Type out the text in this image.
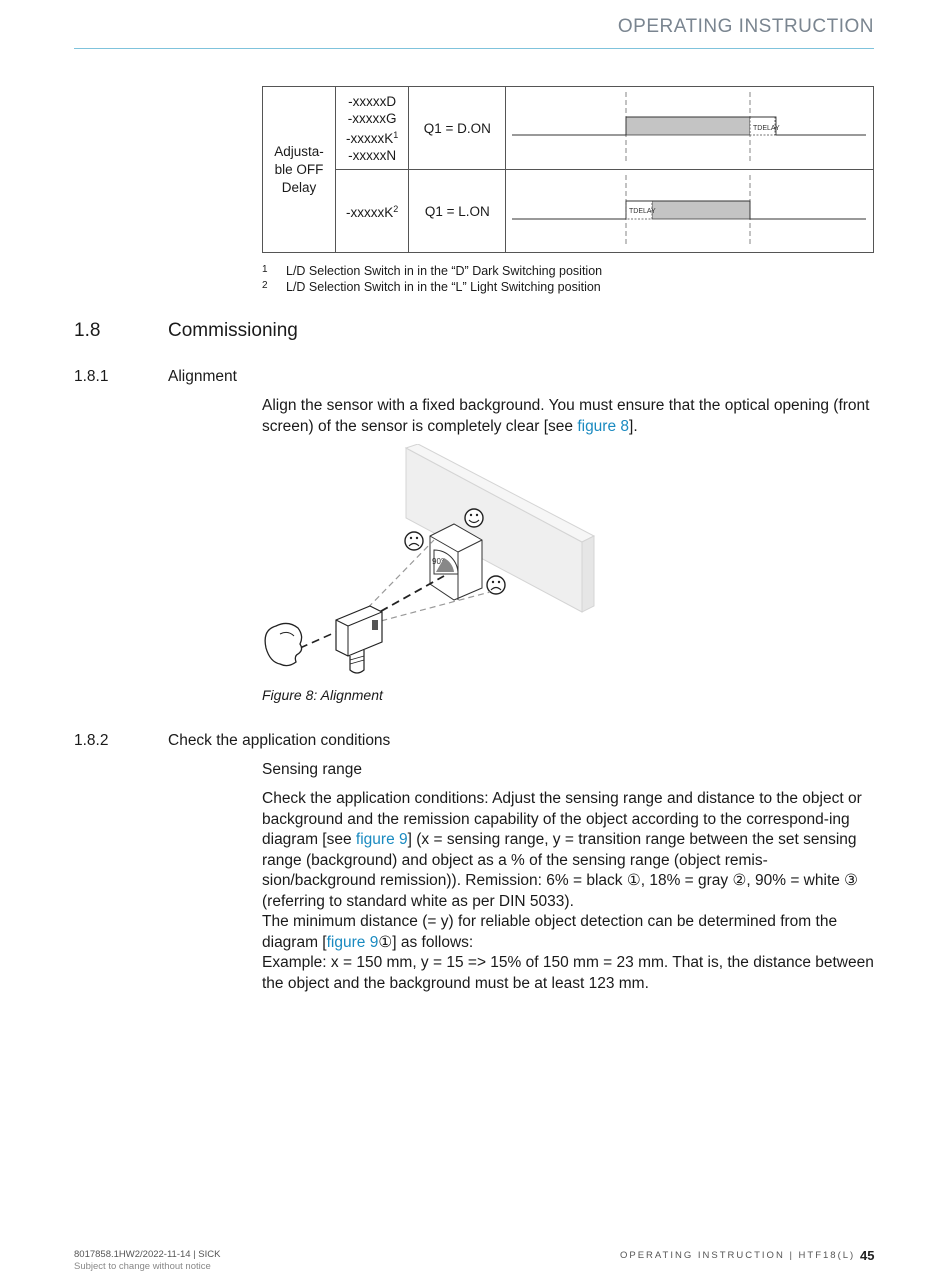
OPERATING INSTRUCTION
Adjusta-ble OFF Delay	-xxxxxD
-xxxxxG
-xxxxxK$^1$
-xxxxxN	Q1 = D.ON	TDELAY

	-xxxxxK$^2$	Q1 = L.ON	TDELAY
1 L/D Selection Switch in in the “D” Dark Switching position
2 L/D Selection Switch in in the “L” Light Switching position
1.8	Commissioning
1.8.1	Alignment
Align the sensor with a fixed background. You must ensure that the optical opening (front screen) of the sensor is completely clear [see figure 8].
90°
Figure 8: Alignment
1.8.2	Check the application conditions
Sensing range
Check the application conditions: Adjust the sensing range and distance to the object or background and the remission capability of the object according to the correspond-ing diagram [see figure 9] (x = sensing range, y = transition range between the set sensing range (background) and object as a % of the sensing range (object remis-sion/background remission)). Remission: 6% = black ①, 18% = gray ②, 90% = white ③ (referring to standard white as per DIN 5033).
The minimum distance (= y) for reliable object detection can be determined from the diagram [figure 9①] as follows:
Example: x = 150 mm, y = 15 => 15% of 150 mm = 23 mm. That is, the distance between the object and the background must be at least 123 mm.
8017858.1HW2/2022-11-14 | SICK
Subject to change without notice
OPERATING INSTRUCTION | HTF18(L) 45
